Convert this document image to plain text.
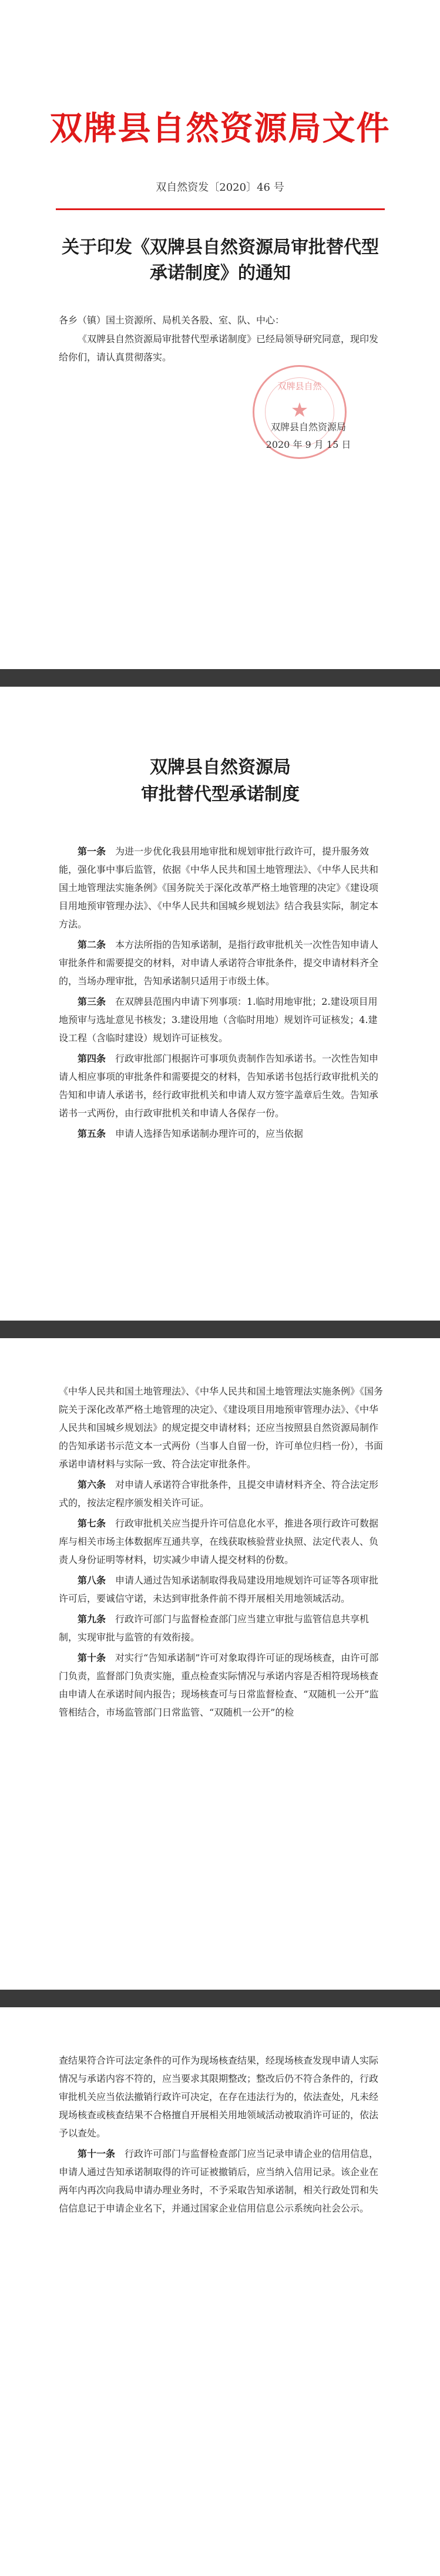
双牌县自然资源局文件
双自然资发〔2020〕46 号
关于印发《双牌县自然资源局审批替代型
承诺制度》的通知
各乡（镇）国土资源所、局机关各股、室、队、中心：
《双牌县自然资源局审批替代型承诺制度》已经局领导研究同意，现印发给你们，请认真贯彻落实。
双牌县自然
★
双牌县自然资源局
2020 年 9 月 15 日
双牌县自然资源局
审批替代型承诺制度

第一条　 为进一步优化我县用地审批和规划审批行政许可，提升服务效能，强化事中事后监管，依据《中华人民共和国土地管理法》、《中华人民共和国土地管理法实施条例》《国务院关于深化改革严格土地管理的决定》《建设项目用地预审管理办法》、《中华人民共和国城乡规划法》结合我县实际，制定本方法。

第二条　 本方法所指的告知承诺制，是指行政审批机关一次性告知申请人审批条件和需要提交的材料，对申请人承诺符合审批条件，提交申请材料齐全的，当场办理审批，告知承诺制只适用于市级土体。

第三条　 在双牌县范围内申请下列事项：1.临时用地审批；2.建设项目用地预审与选址意见书核发；3.建设用地（含临时用地）规划许可证核发；4.建设工程（含临时建设）规划许可证核发。

第四条　 行政审批部门根据许可事项负责制作告知承诺书。一次性告知申请人相应事项的审批条件和需要提交的材料，告知承诺书包括行政审批机关的告知和申请人承诺书，经行政审批机关和申请人双方签字盖章后生效。告知承诺书一式两份，由行政审批机关和申请人各保存一份。

第五条　 申请人选择告知承诺制办理许可的，应当依据

《中华人民共和国土地管理法》、《中华人民共和国土地管理法实施条例》《国务院关于深化改革严格土地管理的决定》、《建设项目用地预审管理办法》、《中华人民共和国城乡规划法》的规定提交申请材料；还应当按照县自然资源局制作的告知承诺书示范文本一式两份（当事人自留一份，许可单位归档一份），书面承诺申请材料与实际一致、符合法定审批条件。

第六条　 对申请人承诺符合审批条件，且提交申请材料齐全、符合法定形式的，按法定程序颁发相关许可证。

第七条　 行政审批机关应当提升许可信息化水平，推进各项行政许可数据库与相关市场主体数据库互通共享，在线获取核验营业执照、法定代表人、负责人身份证明等材料，切实减少申请人提交材料的份数。

第八条　 申请人通过告知承诺制取得我局建设用地规划许可证等各项审批许可后，要诚信守诺，未达到审批条件前不得开展相关用地领域活动。

第九条　 行政许可部门与监督检查部门应当建立审批与监管信息共享机制，实现审批与监管的有效衔接。

第十条　 对实行“告知承诺制”许可对象取得许可证的现场核查，由许可部门负责，监督部门负责实施，重点检查实际情况与承诺内容是否相符现场核查由申请人在承诺时间内报告；现场核查可与日常监督检查、“双随机一公开”监管相结合，市场监管部门日常监管、“双随机一公开”的检

查结果符合许可法定条件的可作为现场核查结果，经现场核查发现申请人实际情况与承诺内容不符的，应当要求其限期整改；整改后仍不符合条件的，行政审批机关应当依法撤销行政许可决定，在存在违法行为的，依法查处，凡未经现场核查或核查结果不合格擅自开展相关用地领域活动被取消许可证的，依法予以查处。

第十一条　 行政许可部门与监督检查部门应当记录申请企业的信用信息，申请人通过告知承诺制取得的许可证被撤销后，应当纳入信用记录。该企业在两年内再次向我局申请办理业务时，不予采取告知承诺制，相关行政处罚和失信信息记于申请企业名下，并通过国家企业信用信息公示系统向社会公示。
